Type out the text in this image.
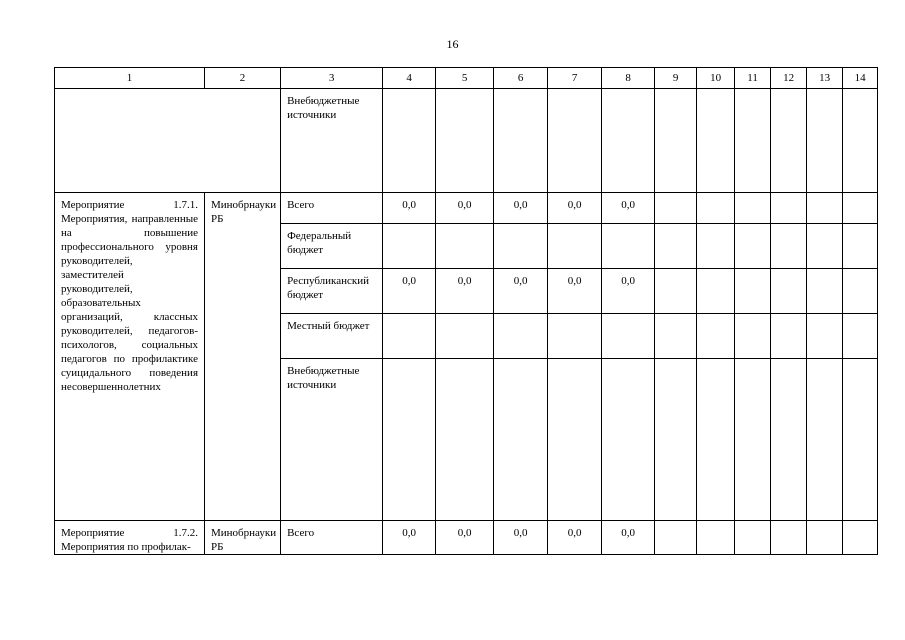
16
1	2	3	4	5	6	7	8	9	10	11	12	13	14
		Внебюджетные источники											
Мероприятие 1.7.1. Мероприятия, направленные на повышение профессионального уровня руководителей, заместителей руководителей, образовательных организаций, классных руководителей, педагогов-психологов, социальных педагогов по профилактике суицидального поведения несовершеннолетних	Минобрнауки РБ	Всего	0,0	0,0	0,0	0,0	0,0						
		Федеральный бюджет											
		Республиканский бюджет	0,0	0,0	0,0	0,0	0,0						
		Местный бюджет											
		Внебюджетные источники											
Мероприятие 1.7.2. Мероприятия по профилак-	Минобрнауки РБ	Всего	0,0	0,0	0,0	0,0	0,0						
